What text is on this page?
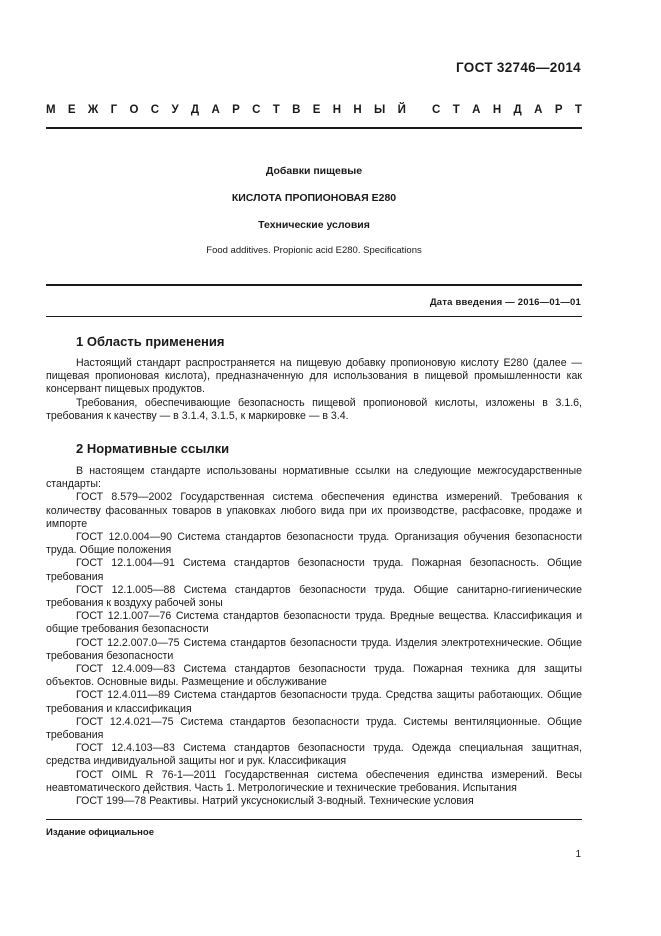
ГОСТ 32746—2014
М Е Ж Г О С У Д А Р С Т В Е Н Н Ы Й С Т А Н Д А Р Т
Добавки пищевые
КИСЛОТА ПРОПИОНОВАЯ Е280
Технические условия
Food additives. Propionic acid E280. Specifications
Дата введения — 2016—01—01
1 Область применения

Настоящий стандарт распространяется на пищевую добавку пропионовую кислоту Е280 (далее — пищевая пропионовая кислота), предназначенную для использования в пищевой промышленности как консервант пищевых продуктов.

Требования, обеспечивающие безопасность пищевой пропионовой кислоты, изложены в 3.1.6, требования к качеству — в 3.1.4, 3.1.5, к маркировке — в 3.4.

2 Нормативные ссылки

В настоящем стандарте использованы нормативные ссылки на следующие межгосударственные стандарты:

ГОСТ 8.579—2002 Государственная система обеспечения единства измерений. Требования к количеству фасованных товаров в упаковках любого вида при их производстве, расфасовке, продаже и импорте

ГОСТ 12.0.004—90 Система стандартов безопасности труда. Организация обучения безопасности труда. Общие положения

ГОСТ 12.1.004—91 Система стандартов безопасности труда. Пожарная безопасность. Общие требования

ГОСТ 12.1.005—88 Система стандартов безопасности труда. Общие санитарно-гигиенические требования к воздуху рабочей зоны

ГОСТ 12.1.007—76 Система стандартов безопасности труда. Вредные вещества. Классификация и общие требования безопасности

ГОСТ 12.2.007.0—75 Система стандартов безопасности труда. Изделия электротехнические. Общие требования безопасности

ГОСТ 12.4.009—83 Система стандартов безопасности труда. Пожарная техника для защиты объектов. Основные виды. Размещение и обслуживание

ГОСТ 12.4.011—89 Система стандартов безопасности труда. Средства защиты работающих. Общие требования и классификация

ГОСТ 12.4.021—75 Система стандартов безопасности труда. Системы вентиляционные. Общие требования

ГОСТ 12.4.103—83 Система стандартов безопасности труда. Одежда специальная защитная, средства индивидуальной защиты ног и рук. Классификация

ГОСТ OIML R 76-1—2011 Государственная система обеспечения единства измерений. Весы неавтоматического действия. Часть 1. Метрологические и технические требования. Испытания

ГОСТ 199—78 Реактивы. Натрий уксуснокислый 3-водный. Технические условия

Издание официальное
1
